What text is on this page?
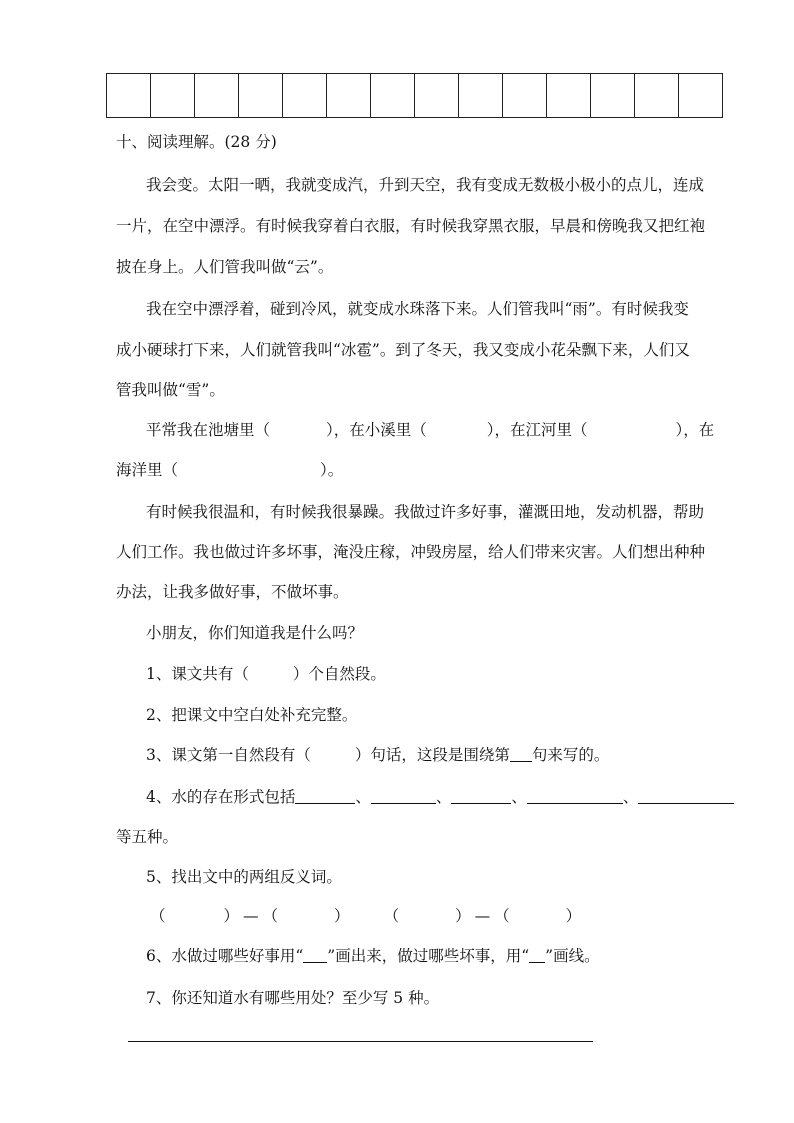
十、阅读理解。(28 分)
我会变。太阳一晒，我就变成汽，升到天空，我有变成无数极小极小的点儿，连成
一片，在空中漂浮。有时候我穿着白衣服，有时候我穿黑衣服，早晨和傍晚我又把红袍
披在身上。人们管我叫做“云”。
我在空中漂浮着，碰到冷风，就变成水珠落下来。人们管我叫“雨”。有时候我变
成小硬球打下来，人们就管我叫“冰雹”。到了冬天，我又变成小花朵飘下来，人们又
管我叫做“雪”。
平常我在池塘里（	），在小溪里（	），在江河里（	），在
海洋里（	）。
有时候我很温和，有时候我很暴躁。我做过许多好事，灌溉田地，发动机器，帮助
人们工作。我也做过许多坏事，淹没庄稼，冲毁房屋，给人们带来灾害。人们想出种种
办法，让我多做好事，不做坏事。
小朋友，你们知道我是什么吗？
1、课文共有（	）个自然段。
2、把课文中空白处补充完整。
3、课文第一自然段有（	）句话，这段是围绕第 句来写的。
4、水的存在形式包括	、	、	、	、
等五种。
5、找出文中的两组反义词。
（	） — （	） （	） — （	）
6、水做过哪些好事用“ ”画出来，做过哪些坏事，用“ ”画线。
7、你还知道水有哪些用处？至少写 5 种。
